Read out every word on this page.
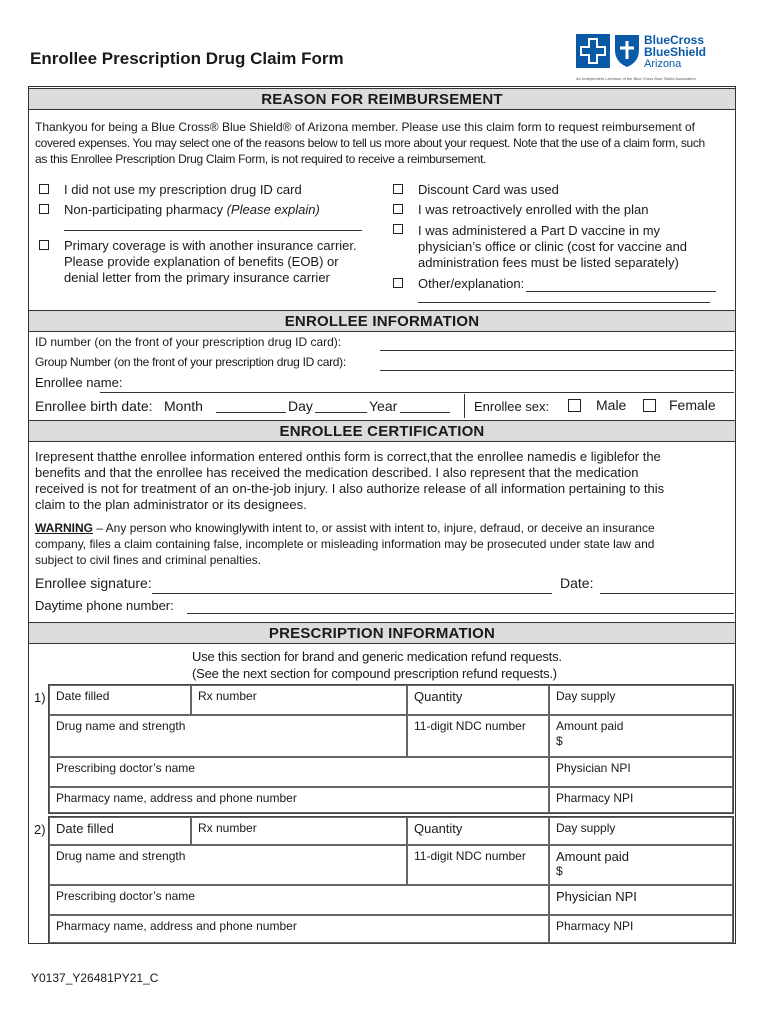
Enrollee Prescription Drug Claim Form
BlueCross
BlueShield
Arizona
An Independent Licensee of the Blue Cross Blue Shield Association
REASON FOR REIMBURSEMENT
Thankyou for being a Blue Cross® Blue Shield® of Arizona member. Please use this claim form to request reimbursement of
covered expenses. You may select one of the reasons below to tell us more about your request. Note that the use of a claim form, such
as this Enrollee Prescription Drug Claim Form, is not required to receive a reimbursement.
I did not use my prescription drug ID card
Non-participating pharmacy (Please explain)
Primary coverage is with another insurance carrier.
Please provide explanation of benefits (EOB) or
denial letter from the primary insurance carrier
Discount Card was used
I was retroactively enrolled with the plan
I was administered a Part D vaccine in my
physician’s office or clinic (cost for vaccine and
administration fees must be listed separately)
Other/explanation:
ENROLLEE INFORMATION
ID number (on the front of your prescription drug ID card):
Group Number (on the front of your prescription drug ID card):
Enrollee name:
Enrollee birth date: Month	Day	Year	Enrollee sex:	Male	Female
ENROLLEE CERTIFICATION
Irepresent thatthe enrollee information entered onthis form is correct,that the enrollee namedis e ligiblefor the
benefits and that the enrollee has received the medication described. I also represent that the medication
received is not for treatment of an on-the-job injury. I also authorize release of all information pertaining to this
claim to the plan administrator or its designees.
WARNING – Any person who knowinglywith intent to, or assist with intent to, injure, defraud, or deceive an insurance
company, files a claim containing false, incomplete or misleading information may be prosecuted under state law and
subject to civil fines and criminal penalties.
Enrollee signature:	Date:
Daytime phone number:
PRESCRIPTION INFORMATION
Use this section for brand and generic medication refund requests.
(See the next section for compound prescription refund requests.)
1) Date filled	Rx number	Quantity	Day supply
Drug name and strength	11-digit NDC number	Amount paid
$
Prescribing doctor’s name	Physician NPI
Pharmacy name, address and phone number	Pharmacy NPI
2) Date filled	Rx number	Quantity	Day supply
Drug name and strength	11-digit NDC number Amount paid
$
Prescribing doctor’s name	Physician NPI
Pharmacy name, address and phone number	Pharmacy NPI
Y0137_Y26481PY21_C
